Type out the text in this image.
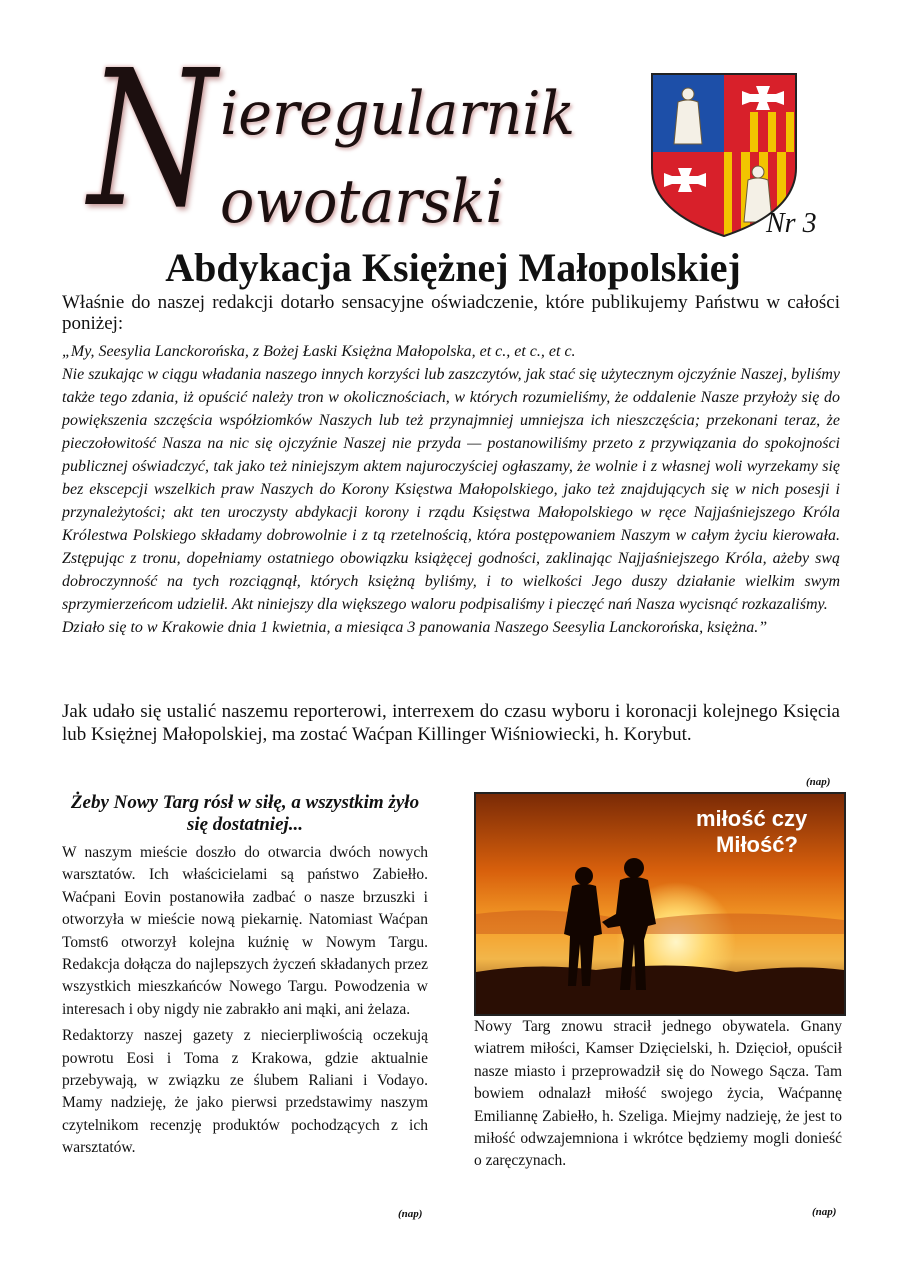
N ieregularnik
owotarski	Nr 3
Abdykacja Księżnej Małopolskiej
Właśnie do naszej redakcji dotarło sensacyjne oświadczenie, które publikujemy Państwu w całości poniżej:

„My, Seesylia Lanckorońska, z Bożej Łaski Księżna Małopolska, et c., et c., et c.

Nie szukając w ciągu władania naszego innych korzyści lub zaszczytów, jak stać się użytecznym ojczyźnie Naszej, byliśmy także tego zdania, iż opuścić należy tron w okolicznościach, w których rozumieliśmy, że oddalenie Nasze przyłoży się do powiększenia szczęścia współziomków Naszych lub też przynajmniej umniejsza ich nieszczęścia; przekonani teraz, że pieczołowitość Nasza na nic się ojczyźnie Naszej nie przyda — postanowiliśmy przeto z przywiązania do spokojności publicznej oświadczyć, tak jako też niniejszym aktem najuroczyściej ogłaszamy, że wolnie i z własnej woli wyrzekamy się bez ekscepcji wszelkich praw Naszych do Korony Księstwa Małopolskiego, jako też znajdujących się w nich posesji i przynależytości; akt ten uroczysty abdykacji korony i rządu Księstwa Małopolskiego w ręce Najjaśniejszego Króla Królestwa Polskiego składamy dobrowolnie i z tą rzetelnością, która postępowaniem Naszym w całym życiu kierowała. Zstępując z tronu, dopełniamy ostatniego obowiązku książęcej godności, zaklinając Najjaśniejszego Króla, ażeby swą dobroczynność na tych rozciągnął, których księżną byliśmy, i to wielkości Jego duszy działanie wielkim swym sprzymierzeńcom udzielił. Akt niniejszy dla większego waloru podpisaliśmy i pieczęć nań Nasza wycisnąć rozkazaliśmy.

Działo się to w Krakowie dnia 1 kwietnia, a miesiąca 3 panowania Naszego Seesylia Lanckorońska, księżna.”

Jak udało się ustalić naszemu reporterowi, interrexem do czasu wyboru i koronacji kolejnego Księcia lub Księżnej Małopolskiej, ma zostać Waćpan Killinger Wiśniowiecki, h. Korybut.
(nap)
Żeby Nowy Targ rósł w siłę, a wszystkim żyło się dostatniej...

W naszym mieście doszło do otwarcia dwóch nowych warsztatów. Ich właścicielami są państwo Zabiełło. Waćpani Eovin postanowiła zadbać o nasze brzuszki i otworzyła w mieście nową piekarnię. Natomiast Waćpan Tomst6 otworzył kolejna kuźnię w Nowym Targu. Redakcja dołącza do najlepszych życzeń składanych przez wszystkich mieszkańców Nowego Targu. Powodzenia w interesach i oby nigdy nie zabrakło ani mąki, ani żelaza.

Redaktorzy naszej gazety z niecierpliwością oczekują powrotu Eosi i Toma z Krakowa, gdzie aktualnie przebywają, w związku ze ślubem Raliani i Vodayo. Mamy nadzieję, że jako pierwsi przedstawimy naszym czytelnikom recenzję produktów pochodzących z ich warsztatów.

(nap)
miłość czy
Miłość?

Nowy Targ znowu stracił jednego obywatela. Gnany wiatrem miłości, Kamser Dzięcielski, h. Dzięcioł, opuścił nasze miasto i przeprowadził się do Nowego Sącza. Tam bowiem odnalazł miłość swojego życia, Waćpannę Emiliannę Zabiełło, h. Szeliga. Miejmy nadzieję, że jest to miłość odwzajemniona i wkrótce będziemy mogli donieść o zaręczynach.

(nap)
